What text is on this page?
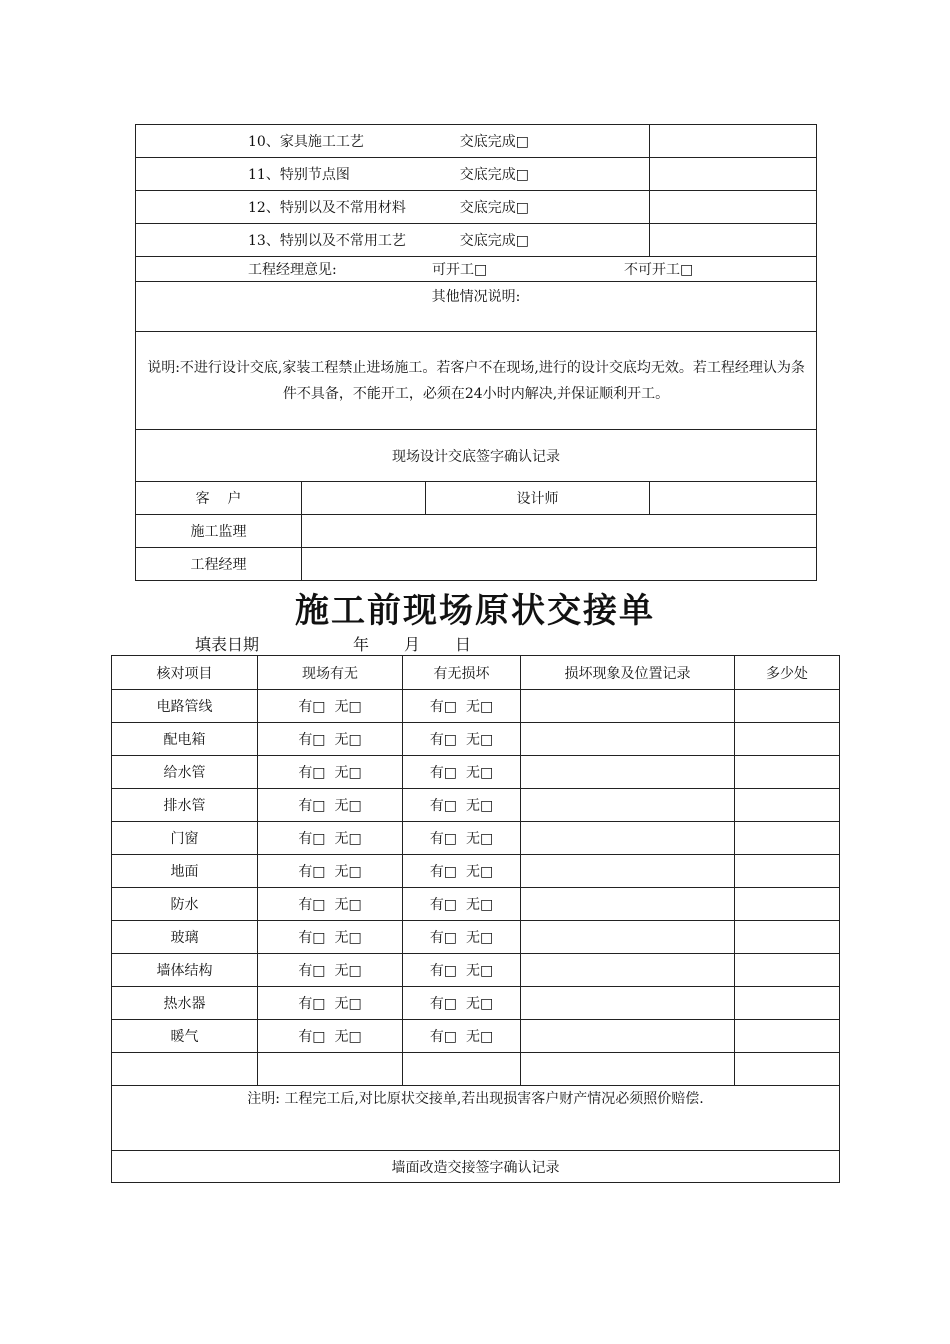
10、家具施工工艺 交底完成□			

11、特别节点图 交底完成□			

12、特别以及不常用材料 交底完成□			

13、特别以及不常用工艺 交底完成□			

工程经理意见: 可开工□ 不可开工□			

其他情况说明:			
说明:不进行设计交底,家装工程禁止进场施工。若客户不在现场,进行的设计交底均无效。若工程经理认为条件不具备，不能开工，必须在24小时内解决,并保证顺利开工。			
现场设计交底签字确认记录			
客    户		设计师	
施工监理			
工程经理			
施工前现场原状交接单
填表日期	年 月 日
核对项目	现场有无	有无损坏	损坏现象及位置记录	多少处
电路管线	有□  无□	有□  无□		
配电箱	有□  无□	有□  无□		
给水管	有□  无□	有□  无□		
排水管	有□  无□	有□  无□		
门窗	有□  无□	有□  无□		
地面	有□  无□	有□  无□		
防水	有□  无□	有□  无□		
玻璃	有□  无□	有□  无□		
墙体结构	有□  无□	有□  无□		
热水器	有□  无□	有□  无□		
暖气	有□  无□	有□  无□		

注明: 工程完工后,对比原状交接单,若出现损害客户财产情况必须照价赔偿.				
墙面改造交接签字确认记录				
